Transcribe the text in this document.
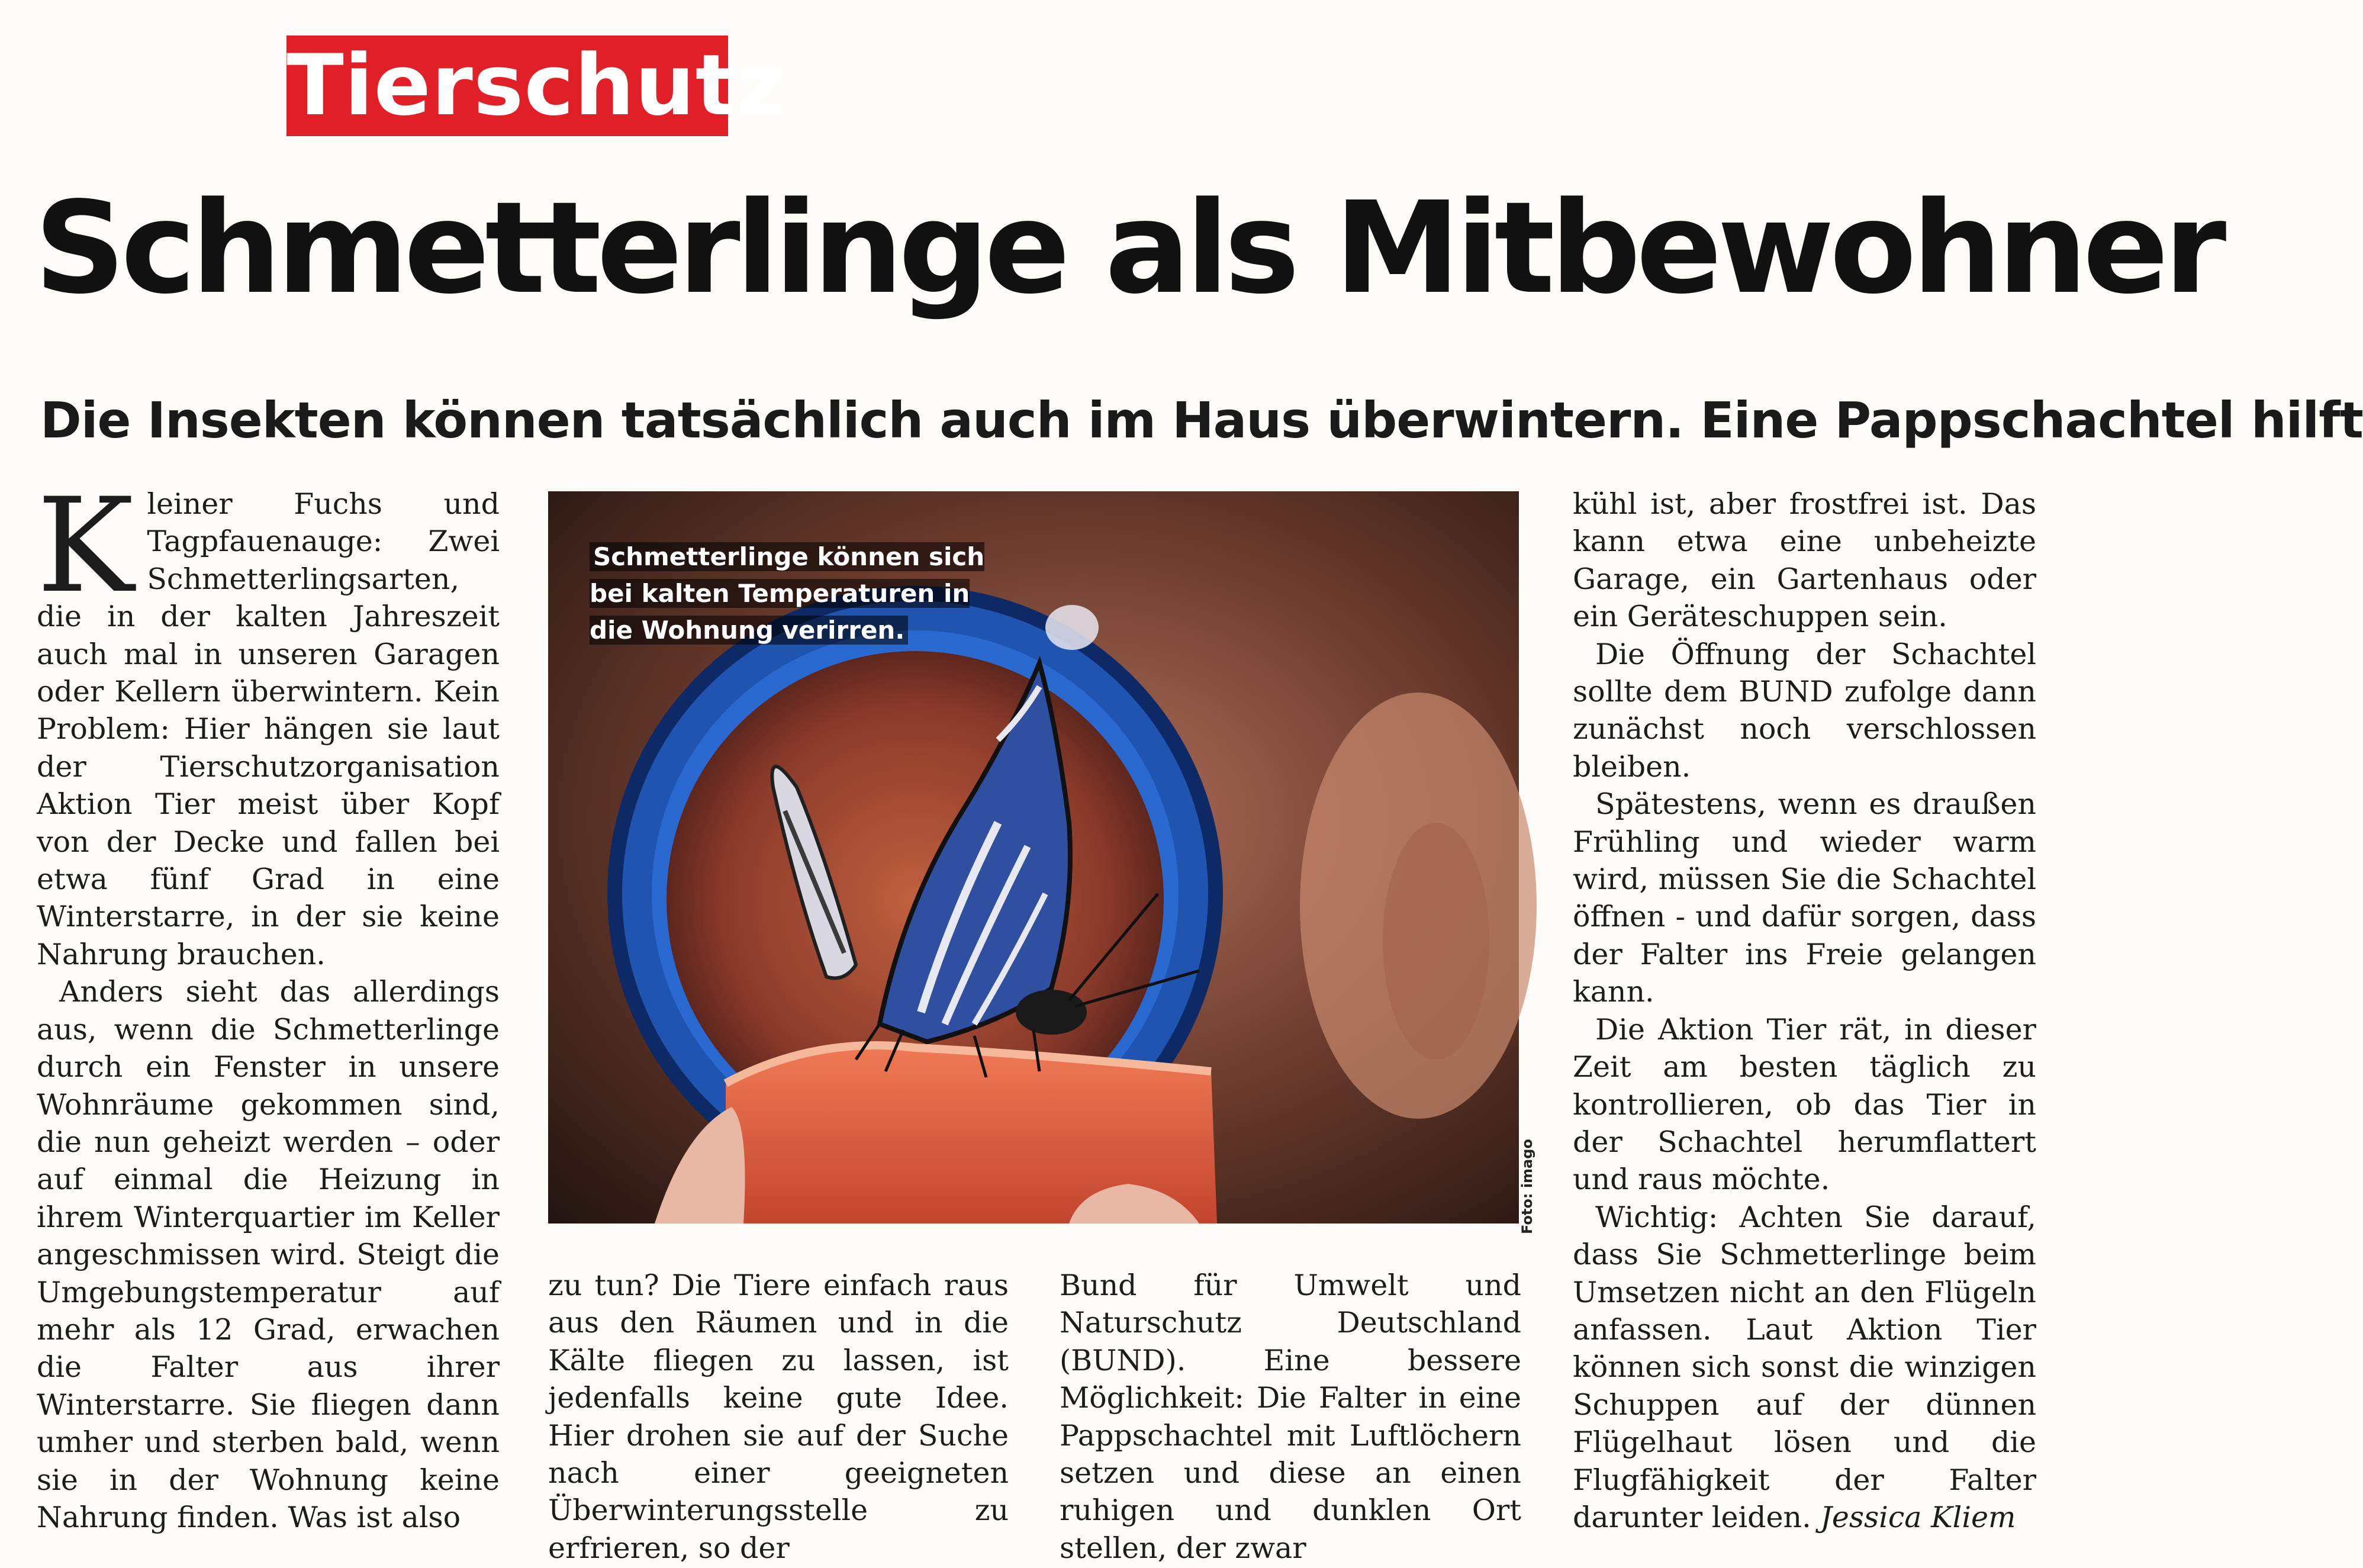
Tierschutz
Schmetterlinge als Mitbewohner
Die Insekten können tatsächlich auch im Haus überwintern. Eine Pappschachtel hilft
K leiner Fuchs und Tagpfauenauge: Zwei Schmetterlingsarten, die in der kalten Jahreszeit auch mal in unseren Garagen oder Kellern überwintern. Kein Problem: Hier hängen sie laut der Tierschutzorganisation Aktion Tier meist über Kopf von der Decke und fallen bei etwa fünf Grad in eine Winterstarre, in der sie keine Nahrung brauchen.

Anders sieht das allerdings aus, wenn die Schmetterlinge durch ein Fenster in unsere Wohnräume gekommen sind, die nun geheizt werden – oder auf einmal die Heizung in ihrem Winterquartier im Keller angeschmissen wird. Steigt die Umgebungstemperatur auf mehr als 12 Grad, erwachen die Falter aus ihrer Winterstarre. Sie fliegen dann umher und sterben bald, wenn sie in der Wohnung keine Nahrung finden. Was ist also

Schmetterlinge können sich bei kalten Temperaturen in die Wohnung verirren.
Foto: imago

zu tun? Die Tiere einfach raus aus den Räumen und in die Kälte fliegen zu lassen, ist jedenfalls keine gute Idee. Hier drohen sie auf der Suche nach einer geeigneten Überwinterungsstelle zu erfrieren, so der

Bund für Umwelt und Naturschutz Deutschland (BUND). Eine bessere Möglichkeit: Die Falter in eine Pappschachtel mit Luftlöchern setzen und diese an einen ruhigen und dunklen Ort stellen, der zwar

kühl ist, aber frostfrei ist. Das kann etwa eine unbeheizte Garage, ein Gartenhaus oder ein Geräteschuppen sein.

Die Öffnung der Schachtel sollte dem BUND zufolge dann zunächst noch verschlossen bleiben.

Spätestens, wenn es draußen Frühling und wieder warm wird, müssen Sie die Schachtel öffnen - und dafür sorgen, dass der Falter ins Freie gelangen kann.

Die Aktion Tier rät, in dieser Zeit am besten täglich zu kontrollieren, ob das Tier in der Schachtel herumflattert und raus möchte.

Wichtig: Achten Sie darauf, dass Sie Schmetterlinge beim Umsetzen nicht an den Flügeln anfassen. Laut Aktion Tier können sich sonst die winzigen Schuppen auf der dünnen Flügelhaut lösen und die Flugfähigkeit der Falter darunter leiden. Jessica Kliem
